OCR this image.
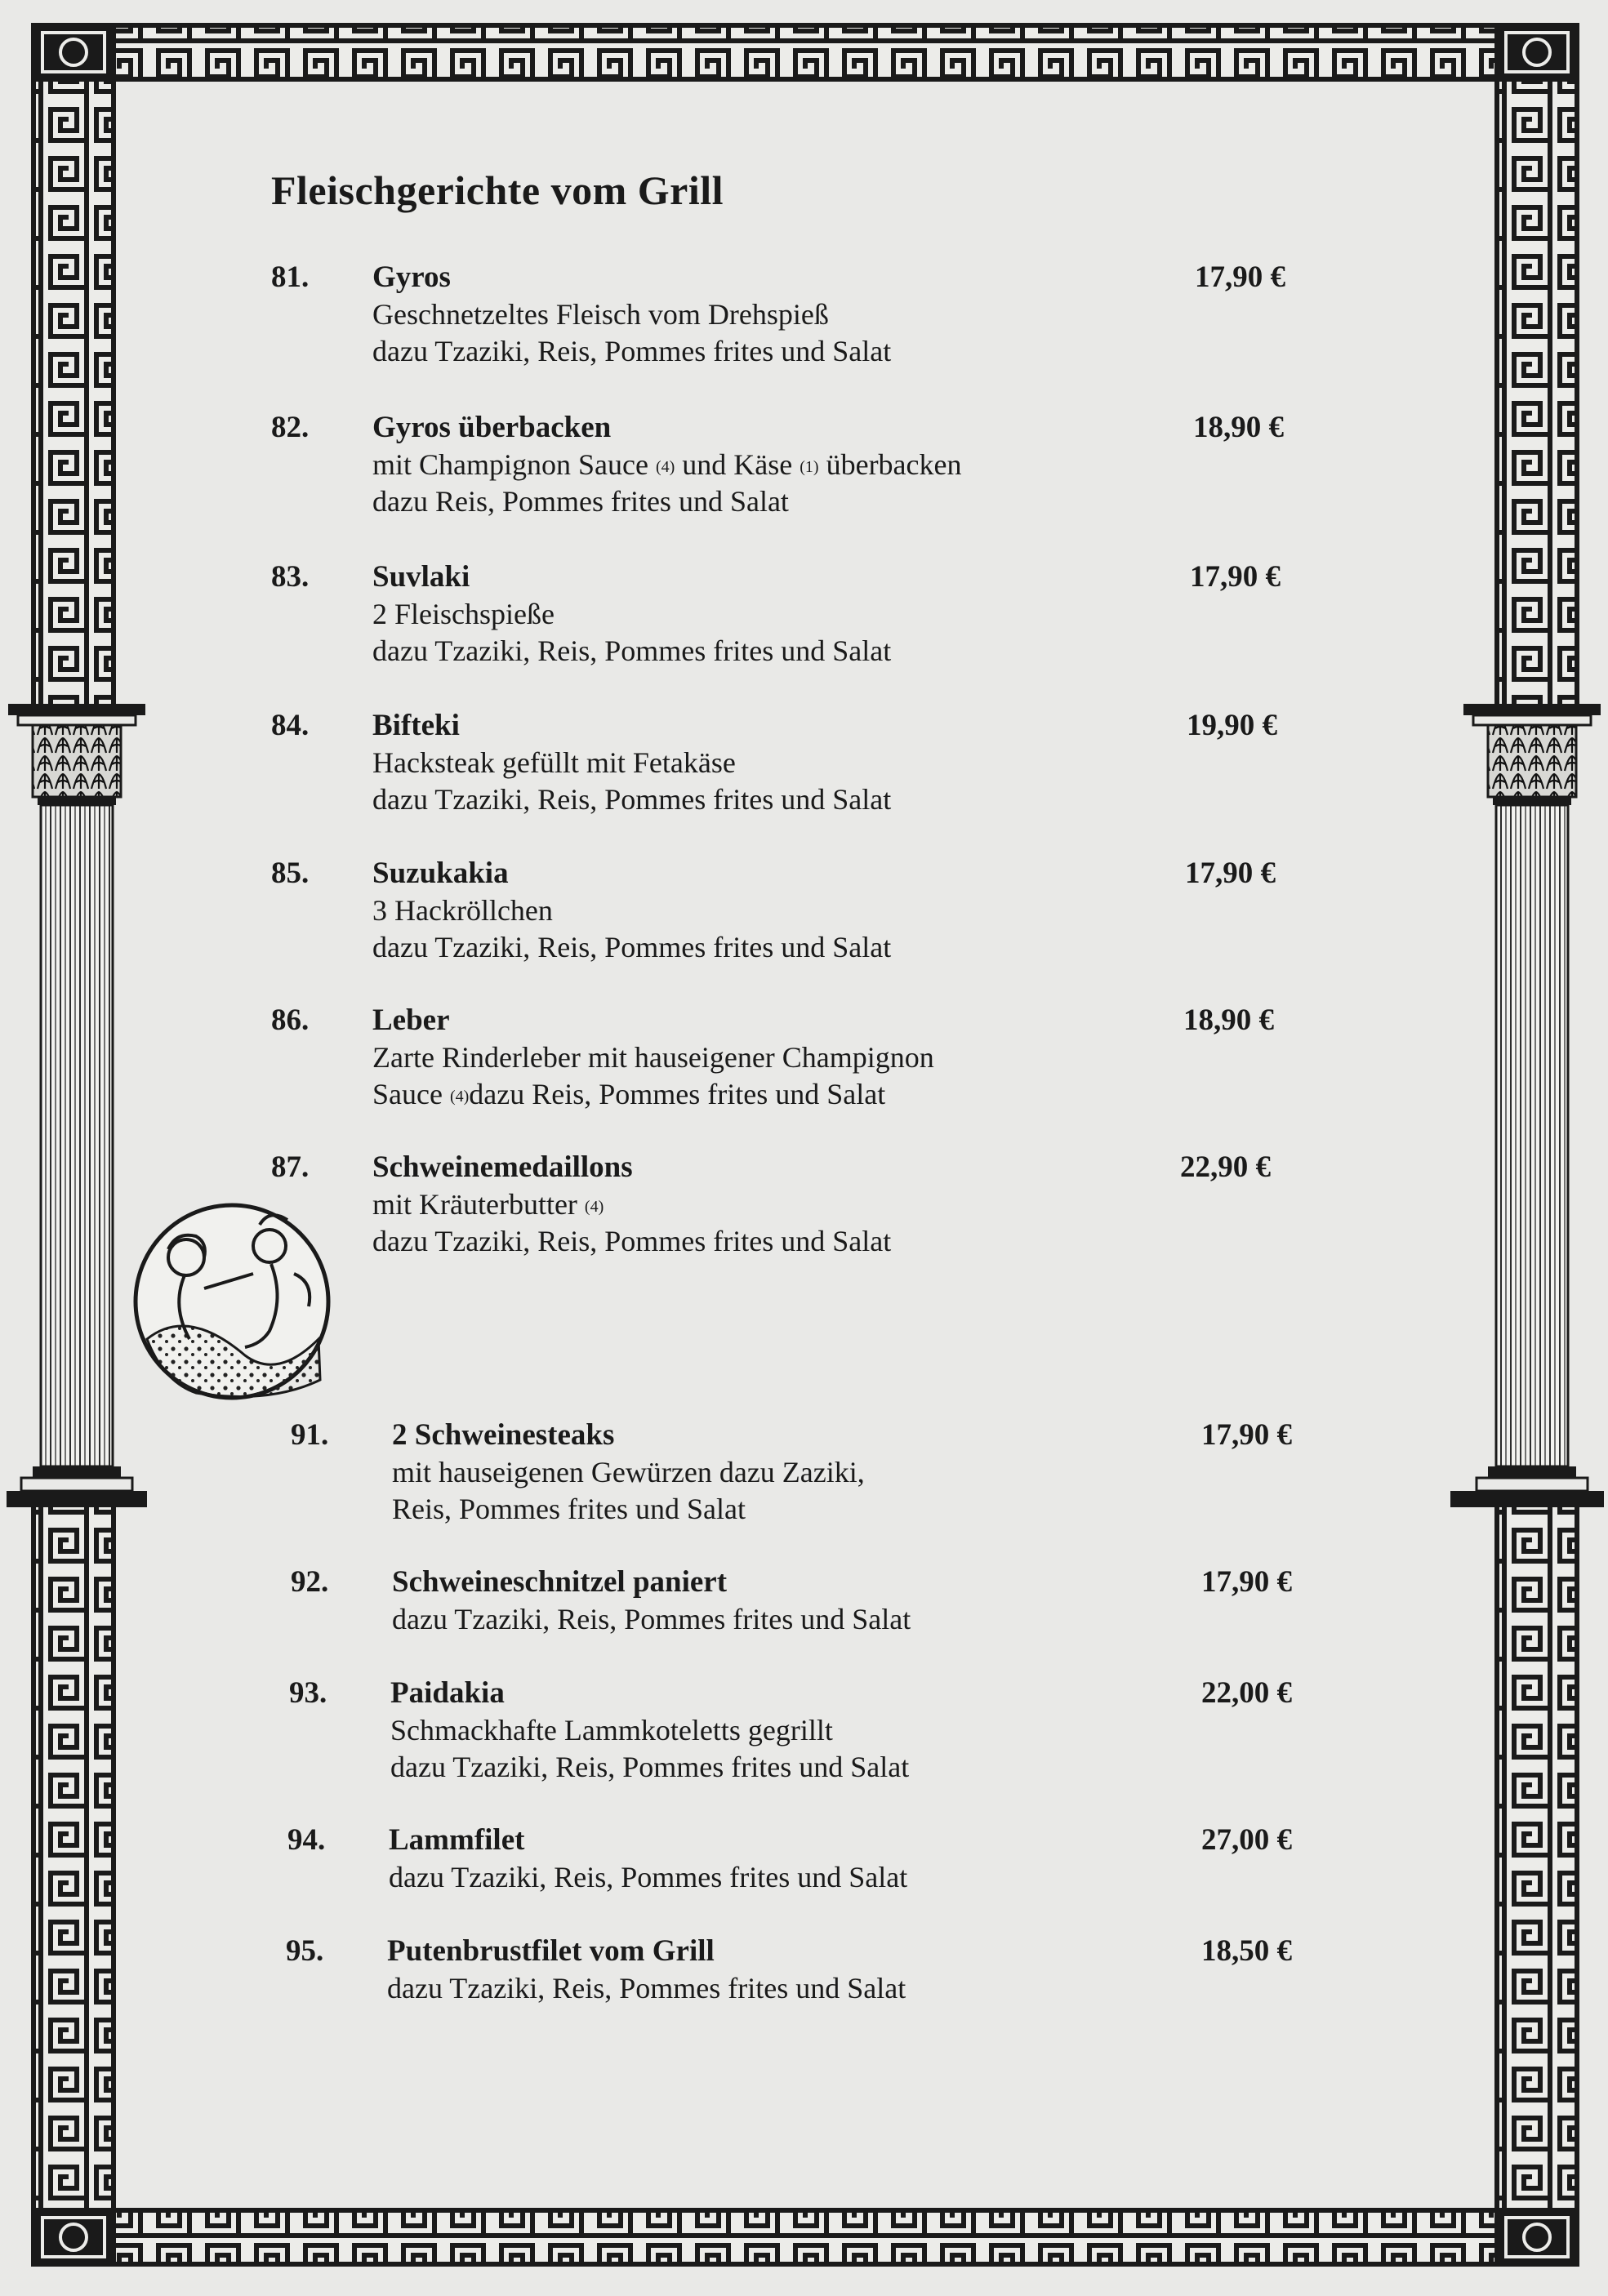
Fleischgerichte vom Grill
81. Gyros
Geschnetzeltes Fleisch vom Drehspieß
dazu Tzaziki, Reis, Pommes frites und Salat
17,90 €
82. Gyros überbacken
mit Champignon Sauce (4) und Käse (1) überbacken
dazu Reis, Pommes frites und Salat
18,90 €
83. Suvlaki
2 Fleischspieße
dazu Tzaziki, Reis, Pommes frites und Salat
17,90 €
84. Bifteki
Hacksteak gefüllt mit Fetakäse
dazu Tzaziki, Reis, Pommes frites und Salat
19,90 €
85. Suzukakia
3 Hackröllchen
dazu Tzaziki, Reis, Pommes frites und Salat
17,90 €
86. Leber
Zarte Rinderleber mit hauseigener Champignon
Sauce (4)dazu Reis, Pommes frites und Salat
18,90 €
87. Schweinemedaillons
mit Kräuterbutter (4)
dazu Tzaziki, Reis, Pommes frites und Salat
22,90 €
91. 2 Schweinesteaks
mit hauseigenen Gewürzen dazu Zaziki,
Reis, Pommes frites und Salat
17,90 €
92. Schweineschnitzel paniert
dazu Tzaziki, Reis, Pommes frites und Salat
17,90 €
93. Paidakia
Schmackhafte Lammkoteletts gegrillt
dazu Tzaziki, Reis, Pommes frites und Salat
22,00 €
94. Lammfilet
dazu Tzaziki, Reis, Pommes frites und Salat
27,00 €
95. Putenbrustfilet vom Grill
dazu Tzaziki, Reis, Pommes frites und Salat
18,50 €
